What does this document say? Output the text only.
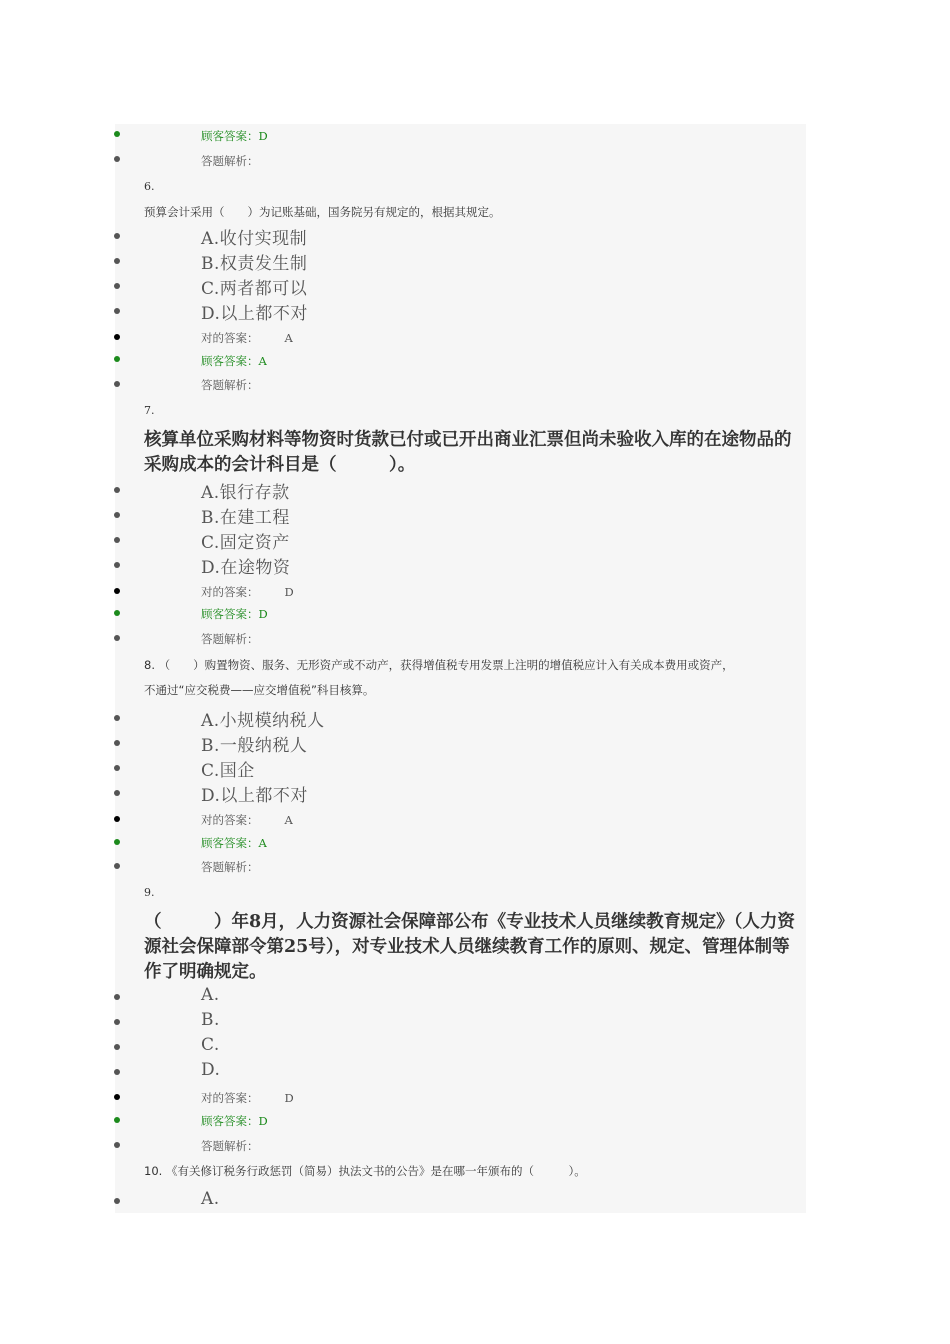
顾客答案：D
答题解析：
6.
预算会计采用（　　）为记账基础，国务院另有规定的，根据其规定。
A.收付实现制
B.权责发生制
C.两者都可以
D.以上都不对
对的答案： A
顾客答案：A
答题解析：
7.
核算单位采购材料等物资时货款已付或已开出商业汇票但尚未验收入库的在途物品的采购成本的会计科目是（　　　）。
A.银行存款
B.在建工程
C.固定资产
D.在途物资
对的答案： D
顾客答案：D
答题解析：
8. （　　）购置物资、服务、无形资产或不动产，获得增值税专用发票上注明的增值税应计入有关成本费用或资产，
不通过“应交税费——应交增值税”科目核算。
A.小规模纳税人
B.一般纳税人
C.国企
D.以上都不对
对的答案： A
顾客答案：A
答题解析：
9.
（　　　）年8月，人力资源社会保障部公布《专业技术人员继续教育规定》（人力资源社会保障部令第25号），对专业技术人员继续教育工作的原则、规定、管理体制等作了明确规定。
A.
B.
C.
D.
对的答案： D
顾客答案：D
答题解析：
10. 《有关修订税务行政惩罚（简易）执法文书的公告》是在哪一年颁布的（　　　）。
A.
